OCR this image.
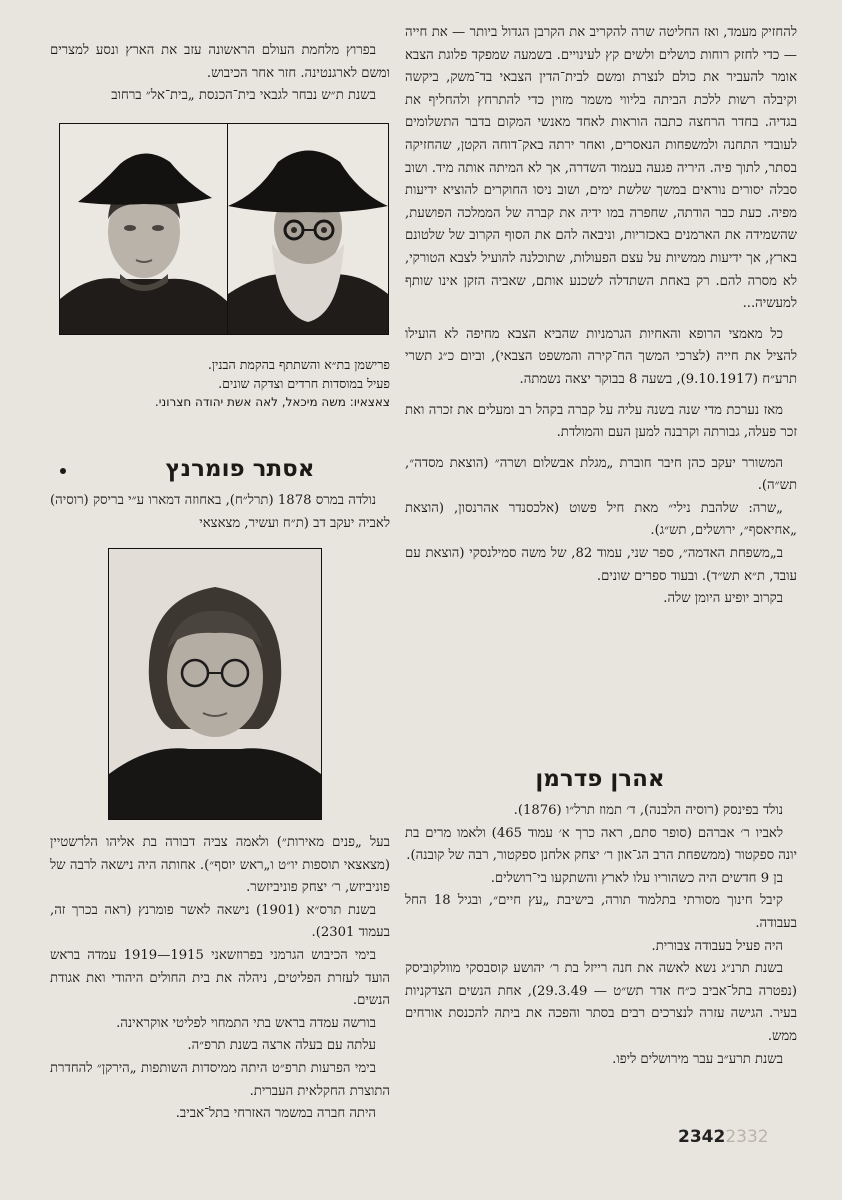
להחזיק מעמד, ואז החליטה שרה להקריב את הקרבן הגדול ביותר — את חייה — כדי לחזק רוחות כושלים ולשים קץ לעינויים. בשמעה שמפקד פלוגת הצבא אומר להעביר את כולם לנצרת ומשם לבית־הדין הצבאי בד־משק, ביקשה וקיבלה רשות ללכת הביתה בליווי משמר מזוין כדי להתרחץ ולהחליף את בגדיה. בחדר הרחצה כתבה הוראות לאחד מאנשי המקום בדבר התשלומים לעובדי התחנה ולמשפחות הנאסרים, ואחר ירתה באק־דוחה הקטן, שהחזיקה בסתר, לתוך פיה. היריה פגעה בעמוד השדרה, אך לא המיתה אותה מיד. ושוב סבלה יסורים נוראים במשך שלשת ימים, ושוב ניסו החוקרים להוציא ידיעות מפיה. כעת כבר הודתה, שחפרה במו ידיה את קברה של הממלכה הפושעת, שהשמידה את הארמנים באכזריות, וניבאה להם את הסוף הקרוב של שלטונם בארץ, אך ידיעות ממשיות על עצם הפעולות, שתוכלנה להועיל לצבא הטורקי, לא מסרה להם. רק באחת השתדלה לשכנע אותם, שאביה הזקן אינו שותף למעשיה...

כל מאמצי הרופא והאחיות הגרמניות שהביא הצבא מחיפה לא הועילו להציל את חייה (לצרכי המשך הח־קירה והמשפט הצבאי), וביום כ״ג תשרי תרע״ח (9.10.1917), בשעה 8 בבוקר יצאה נשמתה.

מאז נערכת מדי שנה בשנה עליה על קברה בקהל רב ומעלים את זכרה ואת זכר פעלה, גבורתה וקרבנה למען העם והמולדת.

המשורר יעקב כהן חיבר חוברת „מגלת אבשלום ושרה״ (הוצאת מסדה״, תש״ה).

„שרה: שלהבת נילי״ מאת חיל פשוט (אלכסנדר אהרנסון, (הוצאת „אחיאסף״, ירושלים, תש״ג).

ב„משפחת האדמה״, ספר שני, עמוד 82, של משה סמילנסקי (הוצאת עם עובד, ת״א תש״ד). ובעוד ספרים שונים.

בקרוב יופיע היומן שלה.

אהרן פדרמן

נולד בפינסק (רוסיה הלבנה), ד׳ תמוז תרל״ו (1876).

לאביו ר׳ אברהם (סופר סתם, ראה כרך א׳ עמוד 465) ולאמו מרים בת יונה ספקטור (ממשפחת הרב הג־און ר׳ יצחק אלחנן ספקטור, רבה של קובנה).

בן 9 חדשים היה כשהוריו עלו לארץ והשתקעו בי־רושלים.

קיבל חינוך מסורתי בתלמוד תורה, בישיבת „עץ חיים״, ובגיל 18 החל בעבודה.

היה פעיל בעבודה צבורית.

בשנת תרנ״ג נשא לאשה את חנה רייזל בת ר׳ יהושע קוסבסקי מוולקוביסק (נפטרה בתל־אביב כ״ח אדר תש״ט — 29.3.49), אחת הנשים הצדקניות בעיר. הגישה עזרה לנצרכים רבים בסתר והפכה את ביתה להכנסת אורחים ממש.

בשנת תרע״ב עבר מירושלים ליפו.

בפרוץ מלחמת העולם הראשונה עזב את הארץ ונסע למצרים ומשם לארגנטינה. חזר אחר הכיבוש.

בשנת ת״ש נבחר לגבאי בית־הכנסת „בית־אל״ ברחוב

פרישמן בת״א והשתתף בהקמת הבנין.
פעיל במוסדות חרדים וצדקה שונים.
צאצאיו: משה מיכאל, לאה אשת יהודה חצרוני.
אסתר פומרנץ

נולדה במרס 1878 (תרל״ח), באחוזה דמארו ע״י בריסק (רוסיה) לאביה יעקב דב (ת״ח ועשיר, מצאצאי

בעל „פנים מאירות״) ולאמה צביה דבורה בת אליהו הלרשטיין (מצאצאי תוספות יו״ט ו„ראש יוסף״). אחותה היה נישאה לרבה של פוניביזש, ר׳ יצחק פוניביזשר.

בשנת תרס״א (1901) נישאה לאשר פומרנץ (ראה בכרך זה, בעמוד 2301).

בימי הכיבוש הגרמני בפרוזשאני 1915—1919 עמדה בראש הועד לעזרת הפליטים, ניהלה את בית החולים היהודי ואת אגודת הנשים.

בורשה עמדה בראש בתי התמחוי לפליטי אוקראינה.

עלתה עם בעלה ארצה בשנת תרפ״ה.

בימי הפרעות תרפ״ט היתה ממיסדות השותפות „הירקן״ להחדרת התוצרת החקלאית העברית.

היתה חברה במשמר האזרחי בתל־אביב.

23422332
